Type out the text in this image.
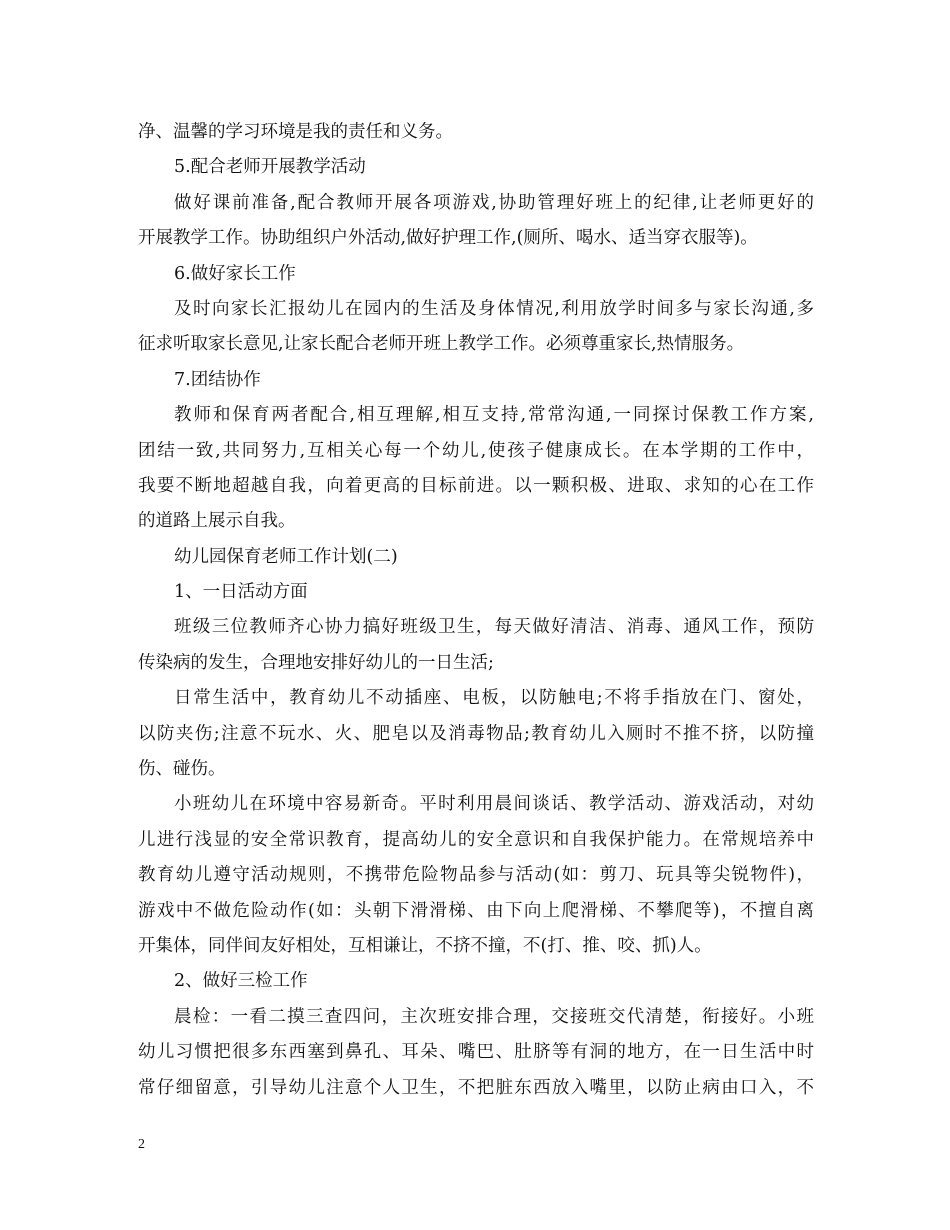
净、温馨的学习环境是我的责任和义务。
5.配合老师开展教学活动
做好课前准备,配合教师开展各项游戏,协助管理好班上的纪律,让老师更好的
开展教学工作。协助组织户外活动,做好护理工作,(厕所、喝水、适当穿衣服等)。
6.做好家长工作
及时向家长汇报幼儿在园内的生活及身体情况,利用放学时间多与家长沟通,多
征求听取家长意见,让家长配合老师开班上教学工作。必须尊重家长,热情服务。
7.团结协作
教师和保育两者配合,相互理解,相互支持,常常沟通,一同探讨保教工作方案,
团结一致,共同努力,互相关心每一个幼儿,使孩子健康成长。在本学期的工作中，
我要不断地超越自我，向着更高的目标前进。以一颗积极、进取、求知的心在工作
的道路上展示自我。
幼儿园保育老师工作计划(二)
1、一日活动方面
班级三位教师齐心协力搞好班级卫生，每天做好清洁、消毒、通风工作，预防
传染病的发生，合理地安排好幼儿的一日生活;
日常生活中，教育幼儿不动插座、电板，以防触电;不将手指放在门、窗处，
以防夹伤;注意不玩水、火、肥皂以及消毒物品;教育幼儿入厕时不推不挤，以防撞
伤、碰伤。
小班幼儿在环境中容易新奇。平时利用晨间谈话、教学活动、游戏活动，对幼
儿进行浅显的安全常识教育，提高幼儿的安全意识和自我保护能力。在常规培养中
教育幼儿遵守活动规则，不携带危险物品参与活动(如：剪刀、玩具等尖锐物件)，
游戏中不做危险动作(如：头朝下滑滑梯、由下向上爬滑梯、不攀爬等)，不擅自离
开集体，同伴间友好相处，互相谦让，不挤不撞，不(打、推、咬、抓)人。
2、做好三检工作
晨检：一看二摸三查四问，主次班安排合理，交接班交代清楚，衔接好。小班
幼儿习惯把很多东西塞到鼻孔、耳朵、嘴巴、肚脐等有洞的地方，在一日生活中时
常仔细留意，引导幼儿注意个人卫生，不把脏东西放入嘴里，以防止病由口入，不
2
